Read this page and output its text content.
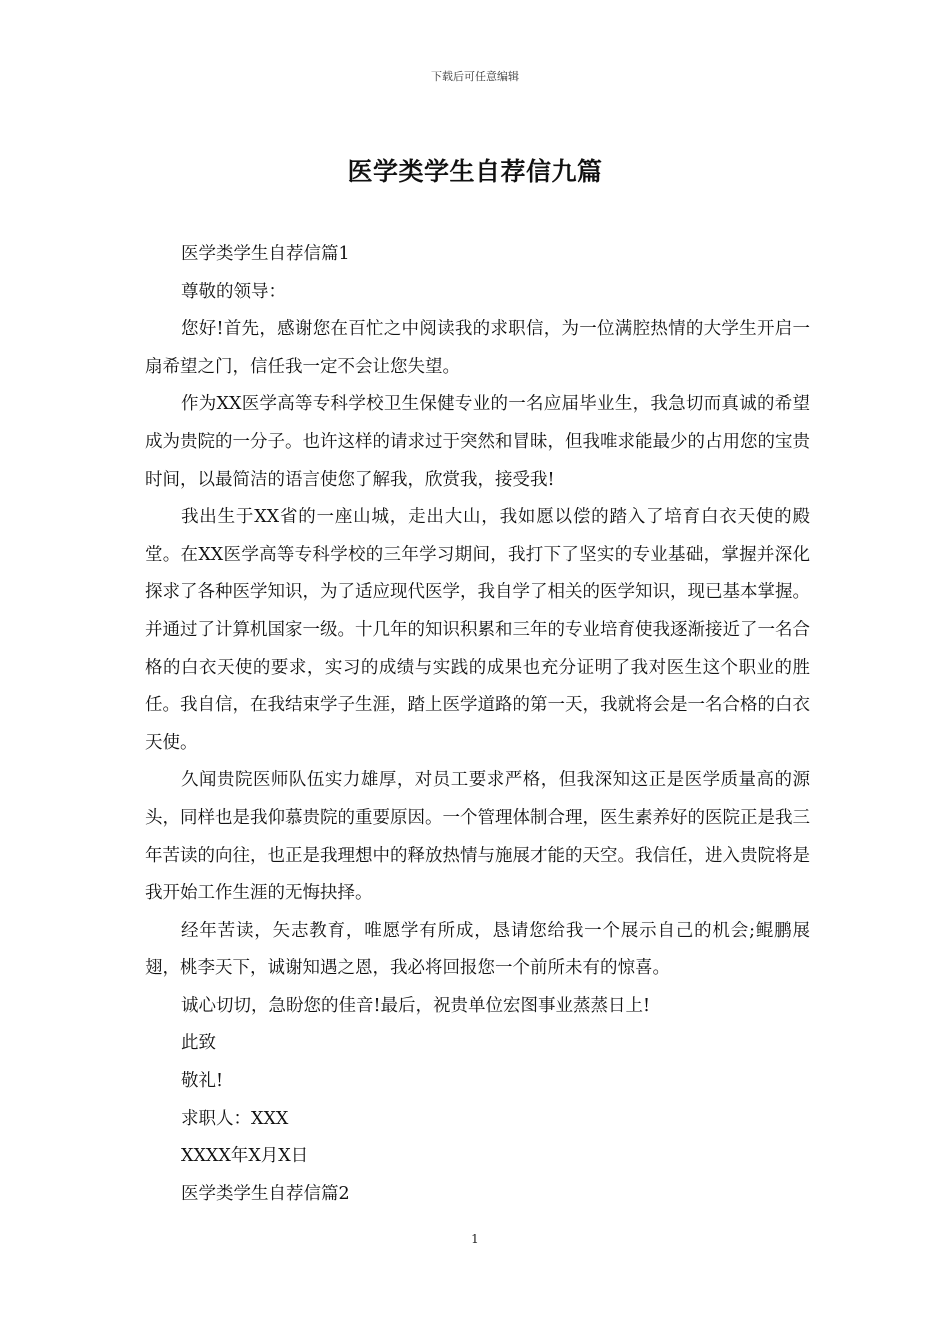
下载后可任意编辑
医学类学生自荐信九篇

医学类学生自荐信篇1

尊敬的领导：

您好!首先，感谢您在百忙之中阅读我的求职信，为一位满腔热情的大学生开启一扇希望之门，信任我一定不会让您失望。

作为XX医学高等专科学校卫生保健专业的一名应届毕业生，我急切而真诚的希望成为贵院的一分子。也许这样的请求过于突然和冒昧，但我唯求能最少的占用您的宝贵时间，以最简洁的语言使您了解我，欣赏我，接受我!

我出生于XX省的一座山城，走出大山，我如愿以偿的踏入了培育白衣天使的殿堂。在XX医学高等专科学校的三年学习期间，我打下了坚实的专业基础，掌握并深化探求了各种医学知识，为了适应现代医学，我自学了相关的医学知识，现已基本掌握。并通过了计算机国家一级。十几年的知识积累和三年的专业培育使我逐渐接近了一名合格的白衣天使的要求，实习的成绩与实践的成果也充分证明了我对医生这个职业的胜任。我自信，在我结束学子生涯，踏上医学道路的第一天，我就将会是一名合格的白衣天使。

久闻贵院医师队伍实力雄厚，对员工要求严格，但我深知这正是医学质量高的源头，同样也是我仰慕贵院的重要原因。一个管理体制合理，医生素养好的医院正是我三年苦读的向往，也正是我理想中的释放热情与施展才能的天空。我信任，进入贵院将是我开始工作生涯的无悔抉择。

经年苦读，矢志教育，唯愿学有所成，恳请您给我一个展示自己的机会;鲲鹏展翅，桃李天下，诚谢知遇之恩，我必将回报您一个前所未有的惊喜。

诚心切切，急盼您的佳音!最后，祝贵单位宏图事业蒸蒸日上!

此致

敬礼!

求职人：XXX

XXXX年X月X日

医学类学生自荐信篇2

1
